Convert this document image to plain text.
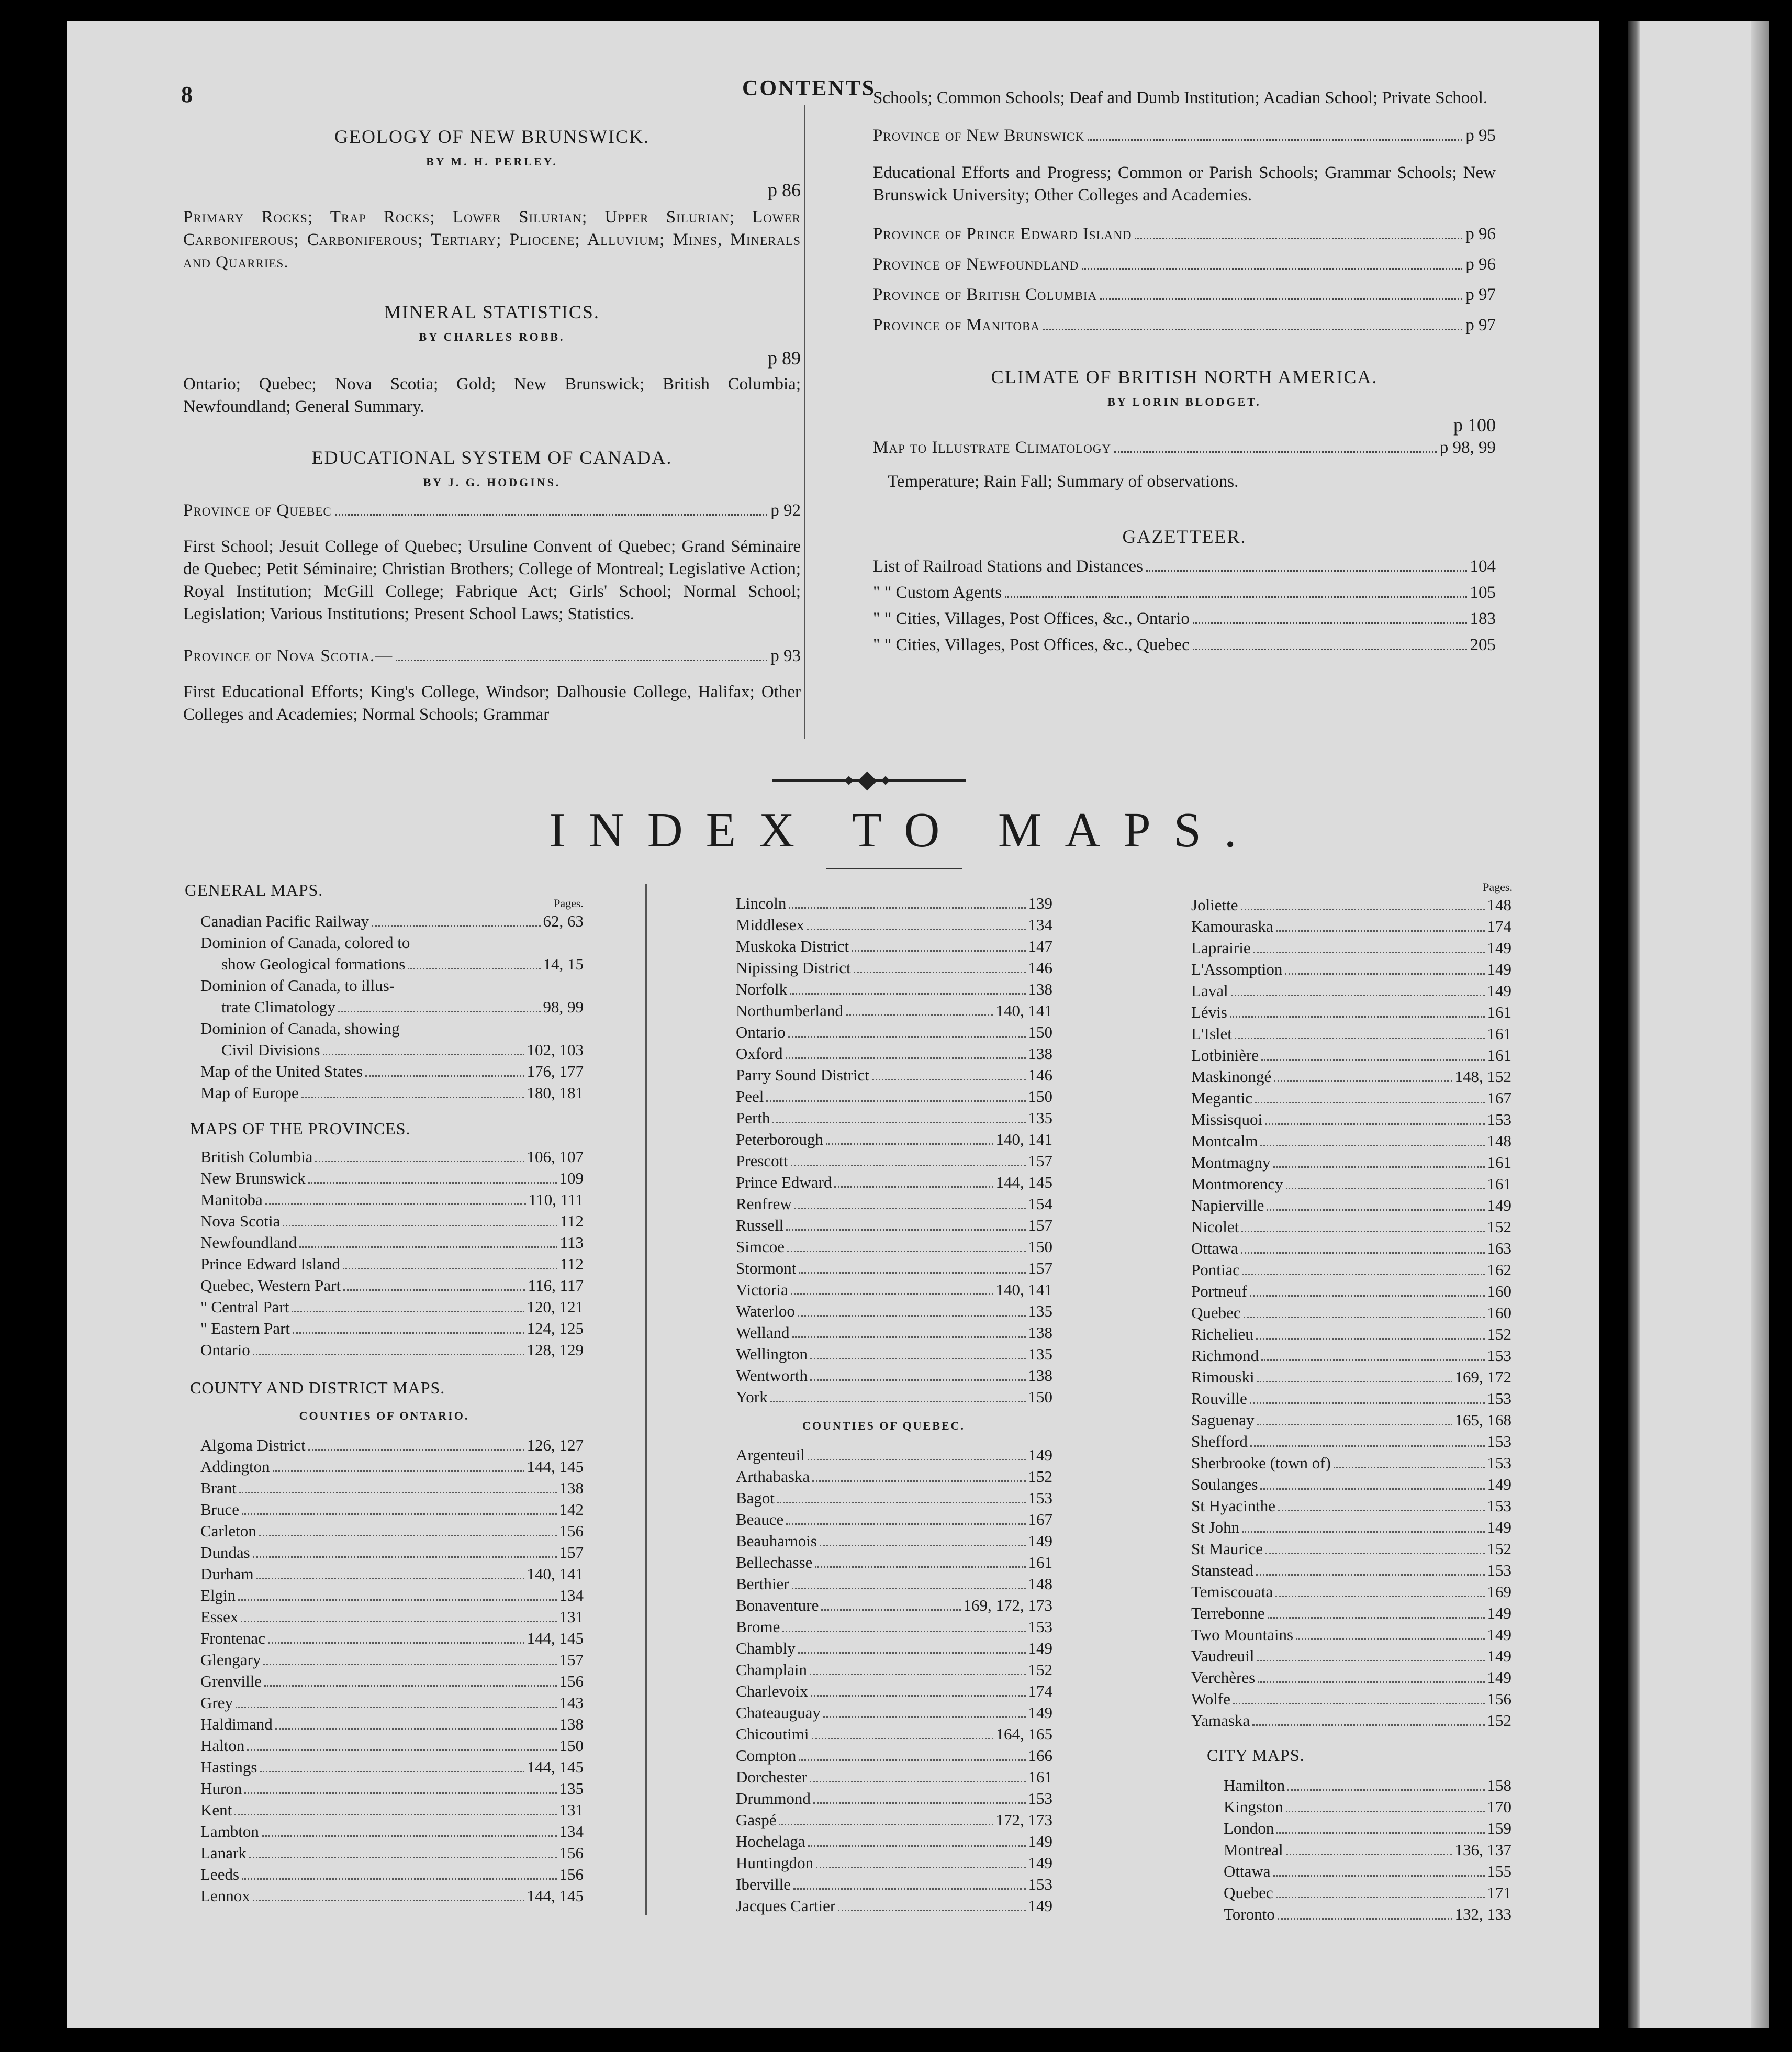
8	CONTENTS

GEOLOGY OF NEW BRUNSWICK.

BY M. H. PERLEY.

p 86

Primary Rocks; Trap Rocks; Lower Silurian; Upper Silurian; Lower Carboniferous; Carboniferous; Tertiary; Pliocene; Alluvium; Mines, Minerals and Quarries.

MINERAL STATISTICS.

BY CHARLES ROBB.

p 89

Ontario; Quebec; Nova Scotia; Gold; New Brunswick; British Columbia; Newfoundland; General Summary.

EDUCATIONAL SYSTEM OF CANADA.

BY J. G. HODGINS.

Province of Quebec	p 92

First School; Jesuit College of Quebec; Ursuline Convent of Quebec; Grand Séminaire de Quebec; Petit Séminaire; Christian Brothers; College of Montreal; Legislative Action; Royal Institution; McGill College; Fabrique Act; Girls' School; Normal School; Legislation; Various Institutions; Present School Laws; Statistics.

Province of Nova Scotia.—	p 93

First Educational Efforts; King's College, Windsor; Dalhousie College, Halifax; Other Colleges and Academies; Normal Schools; Grammar

Schools; Common Schools; Deaf and Dumb Institution; Acadian School; Private School.

Province of New Brunswick	p 95

Educational Efforts and Progress; Common or Parish Schools; Grammar Schools; New Brunswick University; Other Colleges and Academies.

Province of Prince Edward Island	p 96
Province of Newfoundland	p 96
Province of British Columbia	p 97
Province of Manitoba	p 97

CLIMATE OF BRITISH NORTH AMERICA.

BY LORIN BLODGET.

p 100

Map to Illustrate Climatology	p 98, 99

Temperature; Rain Fall; Summary of observations.

GAZETTEER.

List of Railroad Stations and Distances	104
" " Custom Agents	105
" " Cities, Villages, Post Offices, &c., Ontario	183
" " Cities, Villages, Post Offices, &c., Quebec	205
INDEX TO MAPS.

GENERAL MAPS.

Pages.

Canadian Pacific Railway	62, 63
Dominion of Canada, colored to
show Geological formations	14, 15
Dominion of Canada, to illus-
trate Climatology	98, 99
Dominion of Canada, showing
Civil Divisions	102, 103
Map of the United States	176, 177
Map of Europe	180, 181

MAPS OF THE PROVINCES.

British Columbia	106, 107
New Brunswick	109
Manitoba	110, 111
Nova Scotia	112
Newfoundland	113
Prince Edward Island	112
Quebec, Western Part	116, 117
" Central Part	120, 121
" Eastern Part	124, 125
Ontario	128, 129

COUNTY AND DISTRICT MAPS.

COUNTIES OF ONTARIO.

Algoma District	126, 127
Addington	144, 145
Brant	138
Bruce	142
Carleton	156
Dundas	157
Durham	140, 141
Elgin	134
Essex	131
Frontenac	144, 145
Glengary	157
Grenville	156
Grey	143
Haldimand	138
Halton	150
Hastings	144, 145
Huron	135
Kent	131
Lambton	134
Lanark	156
Leeds	156
Lennox	144, 145
Lincoln	139
Middlesex	134
Muskoka District	147
Nipissing District	146
Norfolk	138
Northumberland	140, 141
Ontario	150
Oxford	138
Parry Sound District	146
Peel	150
Perth	135
Peterborough	140, 141
Prescott	157
Prince Edward	144, 145
Renfrew	154
Russell	157
Simcoe	150
Stormont	157
Victoria	140, 141
Waterloo	135
Welland	138
Wellington	135
Wentworth	138
York	150

COUNTIES OF QUEBEC.

Argenteuil	149
Arthabaska	152
Bagot	153
Beauce	167
Beauharnois	149
Bellechasse	161
Berthier	148
Bonaventure	169, 172, 173
Brome	153
Chambly	149
Champlain	152
Charlevoix	174
Chateauguay	149
Chicoutimi	164, 165
Compton	166
Dorchester	161
Drummond	153
Gaspé	172, 173
Hochelaga	149
Huntingdon	149
Iberville	153
Jacques Cartier	149

Pages.

Joliette	148
Kamouraska	174
Laprairie	149
L'Assomption	149
Laval	149
Lévis	161
L'Islet	161
Lotbinière	161
Maskinongé	148, 152
Megantic	167
Missisquoi	153
Montcalm	148
Montmagny	161
Montmorency	161
Napierville	149
Nicolet	152
Ottawa	163
Pontiac	162
Portneuf	160
Quebec	160
Richelieu	152
Richmond	153
Rimouski	169, 172
Rouville	153
Saguenay	165, 168
Shefford	153
Sherbrooke (town of)	153
Soulanges	149
St Hyacinthe	153
St John	149
St Maurice	152
Stanstead	153
Temiscouata	169
Terrebonne	149
Two Mountains	149
Vaudreuil	149
Verchères	149
Wolfe	156
Yamaska	152

CITY MAPS.

Hamilton	158
Kingston	170
London	159
Montreal	136, 137
Ottawa	155
Quebec	171
Toronto	132, 133
